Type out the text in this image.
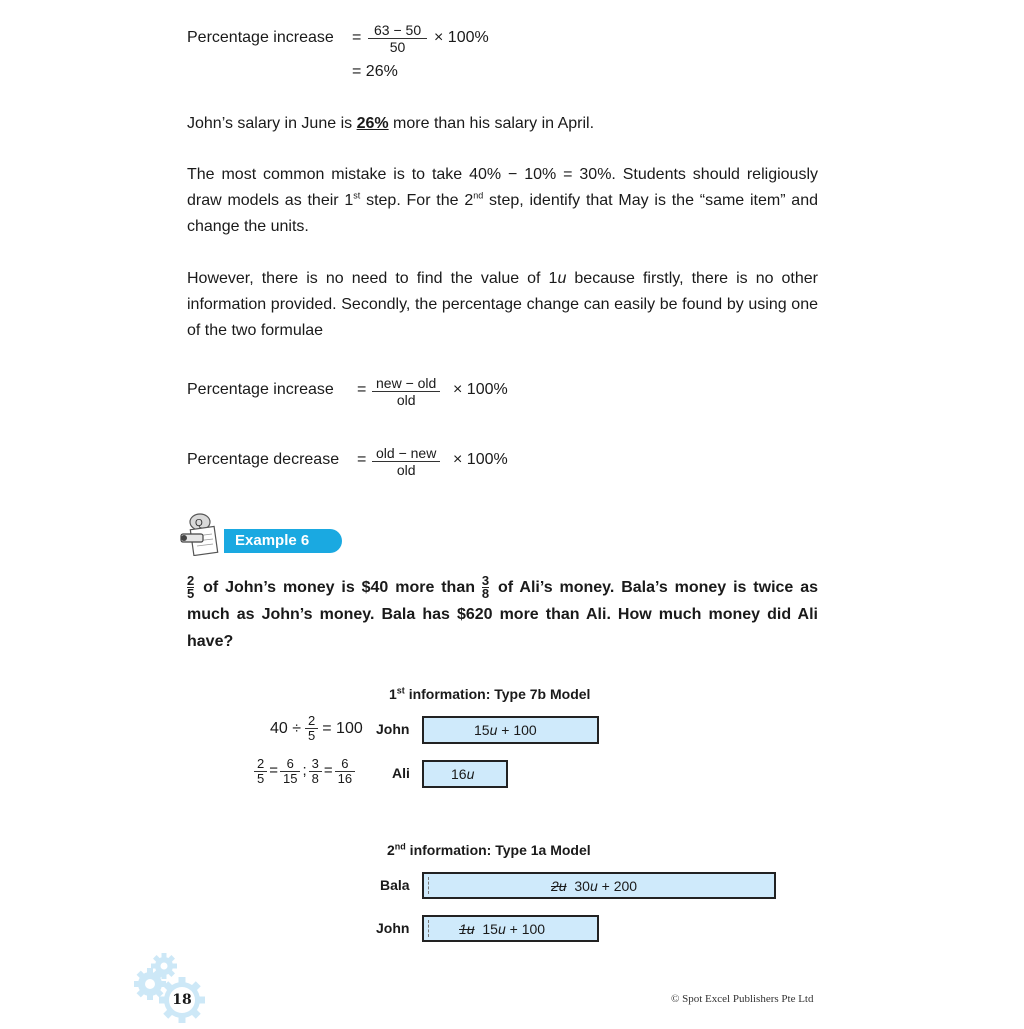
Percentage increase = $\frac{63 - 50}{50} \times 100\%$
= 26%
John’s salary in June is 26% more than his salary in April.
The most common mistake is to take 40% − 10% = 30%. Students should religiously draw models as their 1st step. For the 2nd step, identify that May is the “same item” and change the units.
However, there is no need to find the value of 1u because firstly, there is no other information provided. Secondly, the percentage change can easily be found by using one of the two formulae
Percentage increase = $\frac{\text{new − old}}{\text{old}} \times 100\%$
Percentage decrease = $\frac{\text{old − new}}{\text{old}} \times 100\%$
Q
Example 6
$\frac{2}{5}$ of John’s money is $40 more than $\frac{3}{8}$ of Ali’s money. Bala’s money is twice as much as John’s money. Bala has $620 more than Ali. How much money did Ali have?
1st information: Type 7b Model
$40 \div \frac{2}{5} = 100$
$\frac{2}{5} = \frac{6}{15}$ ; $\frac{3}{8} = \frac{6}{16}$
John	15u + 100
Ali	16u
2nd information: Type 1a Model
Bala	2u 30u + 200
John	1u 15u + 100
18	© Spot Excel Publishers Pte Ltd
